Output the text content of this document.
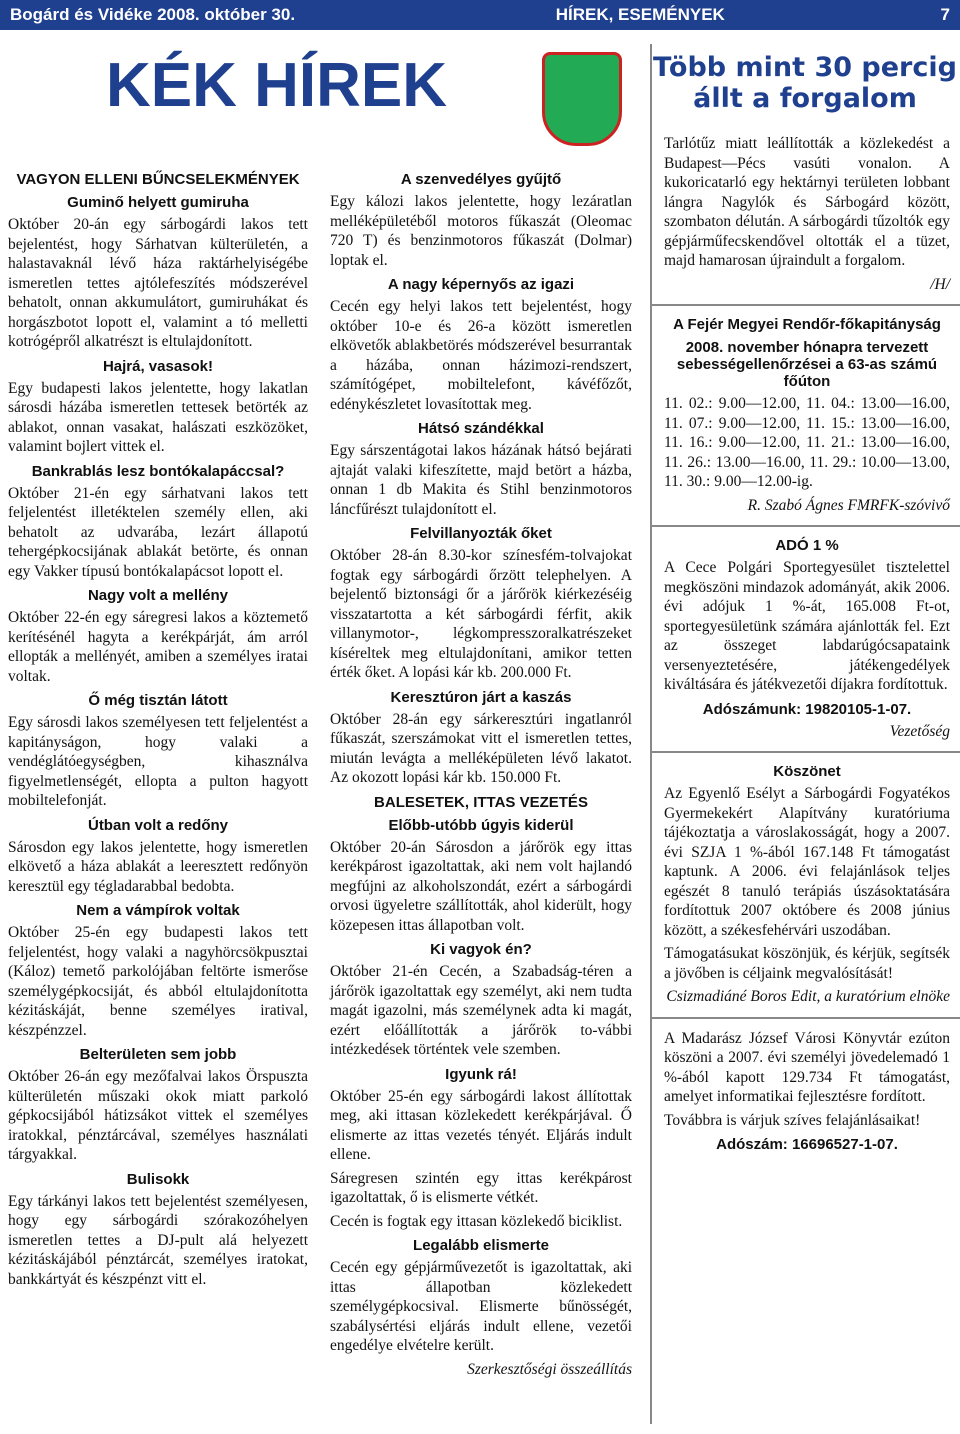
Bogárd és Vidéke 2008. október 30.	HÍREK, ESEMÉNYEK	7
KÉK HÍREK	Több mint 30 percig állt a forgalom
VAGYON ELLENI BŰNCSELEKMÉNYEK
Guminő helyett gumiruha

Október 20-án egy sárbogárdi lakos tett bejelentést, hogy Sárhatvan külterületén, a halastavaknál lévő háza raktárhelyiségébe ismeretlen tettes ajtólefeszítés módszerével behatolt, onnan akkumulátort, gumiruhákat és horgászbotot lopott el, valamint a tó melletti kotrógépről alkatrészt is eltulajdonított.

Hajrá, vasasok!

Egy budapesti lakos jelentette, hogy lakatlan sárosdi házába ismeretlen tettesek betörték az ablakot, onnan vasakat, halászati eszközöket, valamint bojlert vittek el.

Bankrablás lesz bontókalapáccsal?

Október 21-én egy sárhatvani lakos tett feljelentést illetéktelen személy ellen, aki behatolt az udvarába, lezárt állapotú tehergépkocsijának ablakát betörte, és onnan egy Vakker típusú bontókalapácsot lopott el.

Nagy volt a mellény

Október 22-én egy sáregresi lakos a köztemető kerítésénél hagyta a kerékpárját, ám arról ellopták a mellényét, amiben a személyes iratai voltak.

Ő még tisztán látott

Egy sárosdi lakos személyesen tett feljelentést a kapitányságon, hogy valaki a vendéglátóegységben, kihasználva figyelmetlenségét, ellopta a pulton hagyott mobiltelefonját.

Útban volt a redőny

Sárosdon egy lakos jelentette, hogy ismeretlen elkövető a háza ablakát a leeresztett redőnyön keresztül egy tégladarabbal bedobta.

Nem a vámpírok voltak

Október 25-én egy budapesti lakos tett feljelentést, hogy valaki a nagyhörcsökpusztai (Káloz) temető parkolójában feltörte ismerőse személygépkocsiját, és abból eltulajdonította kézitáskáját, benne személyes iratival, készpénzzel.

Belterületen sem jobb

Október 26-án egy mezőfalvai lakos Örspuszta külterületén műszaki okok miatt parkoló gépkocsijából hátizsákot vittek el személyes iratokkal, pénztárcával, személyes használati tárgyakkal.

Bulisokk

Egy tárkányi lakos tett bejelentést személyesen, hogy egy sárbogárdi szórakozóhelyen ismeretlen tettes a DJ-pult alá helyezett kézitáskájából pénztárcát, személyes iratokat, bankkártyát és készpénzt vitt el.

A szenvedélyes gyűjtő

Egy kálozi lakos jelentette, hogy lezáratlan melléképületéből motoros fűkaszát (Oleomac 720 T) és benzinmotoros fűkaszát (Dolmar) loptak el.

A nagy képernyős az igazi

Cecén egy helyi lakos tett bejelentést, hogy október 10-e és 26-a között ismeretlen elkövetők ablakbetörés módszerével besurrantak a házába, onnan házimozi-rendszert, számítógépet, mobiltelefont, kávéfőzőt, edénykészletet lovasítottak meg.

Hátsó szándékkal

Egy sárszentágotai lakos házának hátsó bejárati ajtaját valaki kifeszítette, majd betört a házba, onnan 1 db Makita és Stihl benzinmotoros láncfűrészt tulajdonított el.

Felvillanyozták őket

Október 28-án 8.30-kor színesfém-tolvajokat fogtak egy sárbogárdi őrzött telephelyen. A bejelentő biztonsági őr a járőrök kiérkezéséig visszatartotta a két sárbogárdi férfit, akik villanymotor-, légkompresszoralkatrészeket kíséreltek meg eltulajdonítani, amikor tetten érték őket. A lopási kár kb. 200.000 Ft.

Keresztúron járt a kaszás

Október 28-án egy sárkeresztúri ingatlanról fűkaszát, szerszámokat vitt el ismeretlen tettes, miután levágta a melléképületen lévő lakatot. Az okozott lopási kár kb. 150.000 Ft.

BALESETEK, ITTAS VEZETÉS
Előbb-utóbb úgyis kiderül

Október 20-án Sárosdon a járőrök egy ittas kerékpárost igazoltattak, aki nem volt hajlandó megfújni az alkoholszondát, ezért a sárbogárdi orvosi ügyeletre szállították, ahol kiderült, hogy közepesen ittas állapotban volt.

Ki vagyok én?

Október 21-én Cecén, a Szabadság-téren a járőrök igazoltattak egy személyt, aki nem tudta magát igazolni, más személynek adta ki magát, ezért előállították a járőrök to-vábbi intézkedések történtek vele szemben.

Igyunk rá!

Október 25-én egy sárbogárdi lakost állítottak meg, aki ittasan közlekedett kerékpárjával. Ő elismerte az ittas vezetés tényét. Eljárás indult ellene.

Sáregresen szintén egy ittas kerékpárost igazoltattak, ő is elismerte vétkét.

Cecén is fogtak egy ittasan közlekedő biciklist.

Legalább elismerte

Cecén egy gépjárművezetőt is igazoltattak, aki ittas állapotban közlekedett személygépkocsival. Elismerte bűnösségét, szabálysértési eljárás indult ellene, vezetői engedélye elvételre került.

Szerkesztőségi összeállítás

Tarlótűz miatt leállították a közlekedést a Budapest—Pécs vasúti vonalon. A kukoricatarló egy hektárnyi területen lobbant lángra Nagylók és Sárbogárd között, szombaton délután. A sárbogárdi tűzoltók egy gépjárműfecskendővel oltották el a tüzet, majd hamarosan újraindult a forgalom.

/H/

A Fejér Megyei Rendőr-főkapitányság
2008. november hónapra tervezett sebességellenőrzései a 63-as számú főúton

11. 02.: 9.00—12.00, 11. 04.: 13.00—16.00, 11. 07.: 9.00—12.00, 11. 15.: 13.00—16.00, 11. 16.: 9.00—12.00, 11. 21.: 13.00—16.00, 11. 26.: 13.00—16.00, 11. 29.: 10.00—13.00, 11. 30.: 9.00—12.00-ig.

R. Szabó Ágnes FMRFK-szóvivő

ADÓ 1 %

A Cece Polgári Sportegyesület tisztelettel megköszöni mindazok adományát, akik 2006. évi adójuk 1 %-át, 165.008 Ft-ot, sportegyesületünk számára ajánlották fel. Ezt az összeget labdarúgócsapataink versenyeztetésére, játékengedélyek kiváltására és játékvezetői díjakra fordítottuk.

Adószámunk: 19820105-1-07.

Vezetőség

Köszönet

Az Egyenlő Esélyt a Sárbogárdi Fogyatékos Gyermekekért Alapítvány kuratóriuma tájékoztatja a városlakosságát, hogy a 2007. évi SZJA 1 %-ából 167.148 Ft támogatást kaptunk. A 2006. évi felajánlások teljes egészét 8 tanuló terápiás úszásoktatására fordítottuk 2007 októbere és 2008 június között, a székesfehérvári uszodában.

Támogatásukat köszönjük, és kérjük, segítsék a jövőben is céljaink megvalósítását!

Csizmadiáné Boros Edit, a kuratórium elnöke

A Madarász József Városi Könyvtár ezúton köszöni a 2007. évi személyi jövedelemadó 1 %-ából kapott 129.734 Ft támogatást, amelyet informatikai fejlesztésre fordított.

Továbbra is várjuk szíves felajánlásaikat!

Adószám: 16696527-1-07.
